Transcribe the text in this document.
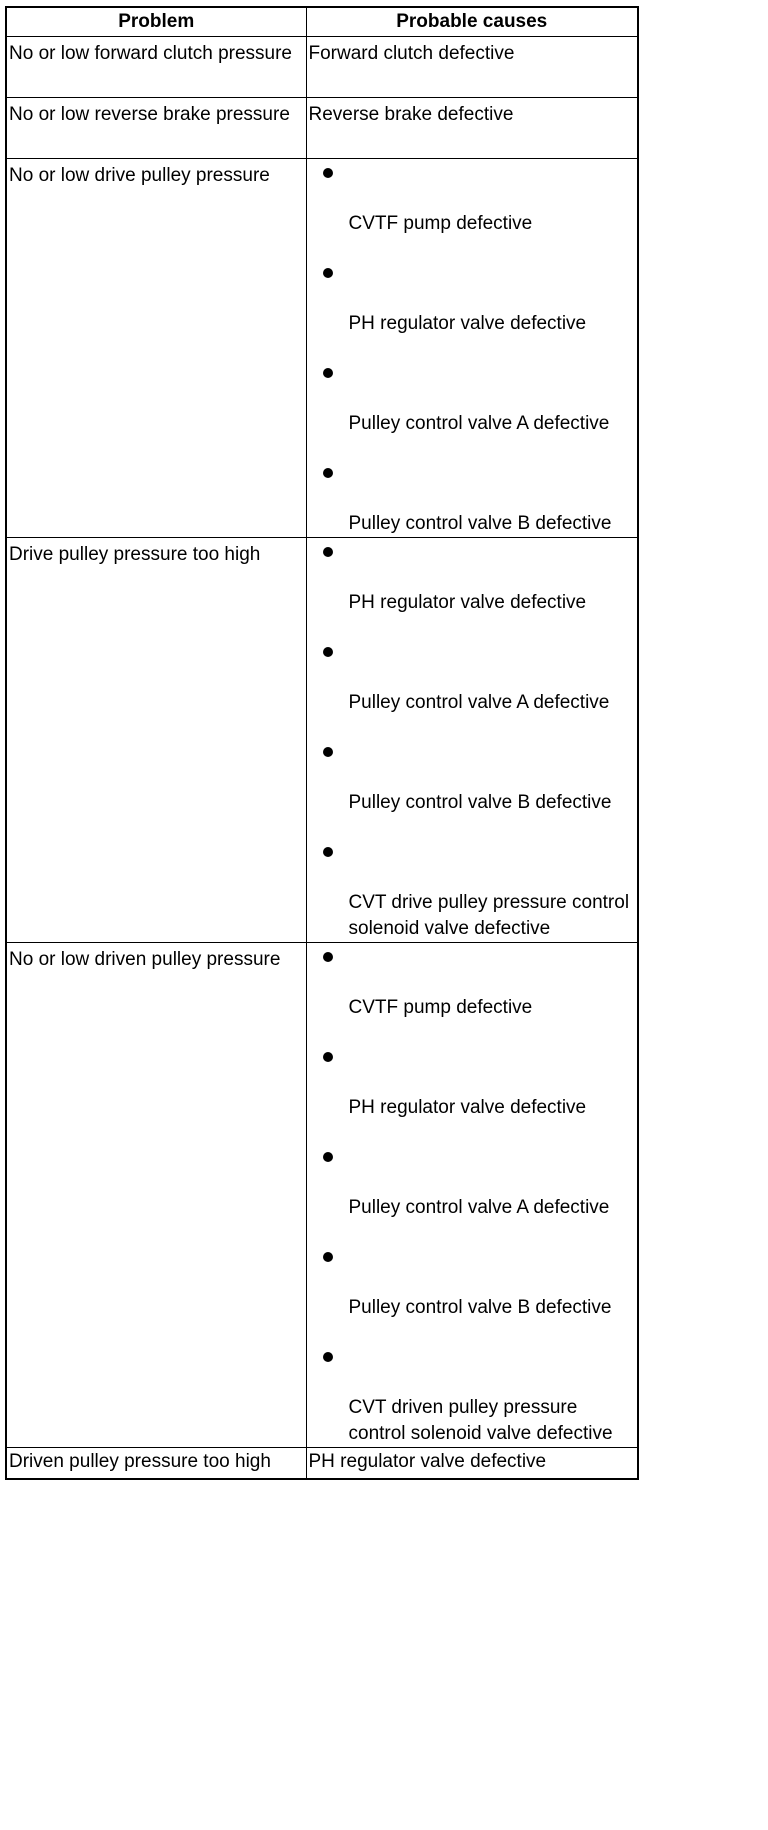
Problem	Probable causes
No or low forward clutch pressure	Forward clutch defective
No or low reverse brake pressure	Reverse brake defective
No or low drive pulley pressure	CVTF pump defective
PH regulator valve defective
Pulley control valve A defective
Pulley control valve B defective

Drive pulley pressure too high	PH regulator valve defective
Pulley control valve A defective
Pulley control valve B defective
CVT drive pulley pressure control solenoid valve defective

No or low driven pulley pressure	CVTF pump defective
PH regulator valve defective
Pulley control valve A defective
Pulley control valve B defective
CVT driven pulley pressure control solenoid valve defective

Driven pulley pressure too high	PH regulator valve defective
